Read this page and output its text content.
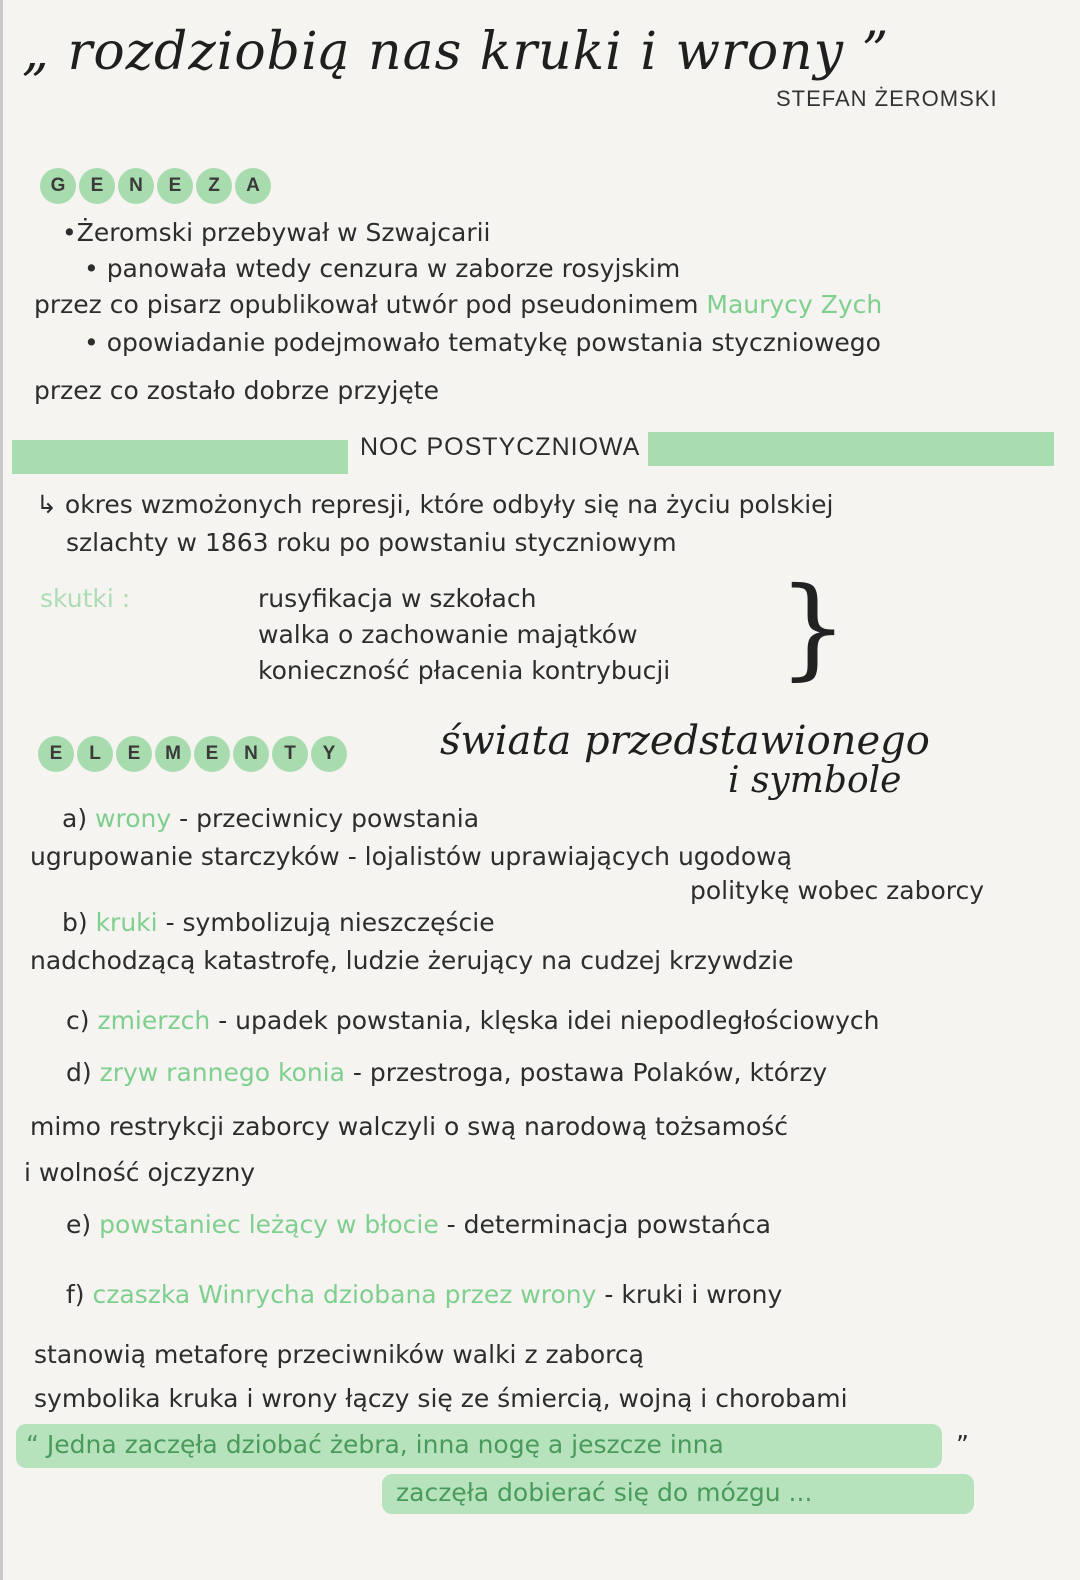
„ rozdziobią nas kruki i wrony ”
STEFAN ŻEROMSKI
G	E	N	E	Z	A
•Żeromski przebywał w Szwajcarii
• panowała wtedy cenzura w zaborze rosyjskim
przez co pisarz opublikował utwór pod pseudonimem Maurycy Zych
• opowiadanie podejmowało tematykę powstania styczniowego
przez co zostało dobrze przyjęte
NOC POSTYCZNIOWA
↳ okres wzmożonych represji, które odbyły się na życiu polskiej
szlachty w 1863 roku po powstaniu styczniowym
skutki :	rusyfikacja w szkołach
walka o zachowanie majątków
konieczność płacenia kontrybucji }
E	L	E	M	E	N	T	Y	świata przedstawionego
i symbole
a) wrony - przeciwnicy powstania
ugrupowanie starczyków - lojalistów uprawiających ugodową
politykę wobec zaborcy
b) kruki - symbolizują nieszczęście
nadchodzącą katastrofę, ludzie żerujący na cudzej krzywdzie
c) zmierzch - upadek powstania, klęska idei niepodległościowych
d) zryw rannego konia - przestroga, postawa Polaków, którzy
mimo restrykcji zaborcy walczyli o swą narodową tożsamość
i wolność ojczyzny
e) powstaniec leżący w błocie - determinacja powstańca
f) czaszka Winrycha dziobana przez wrony - kruki i wrony
stanowią metaforę przeciwników walki z zaborcą
symbolika kruka i wrony łączy się ze śmiercią, wojną i chorobami
“ Jedna zaczęła dziobać żebra, inna nogę a jeszcze inna	”
zaczęła dobierać się do mózgu ...
